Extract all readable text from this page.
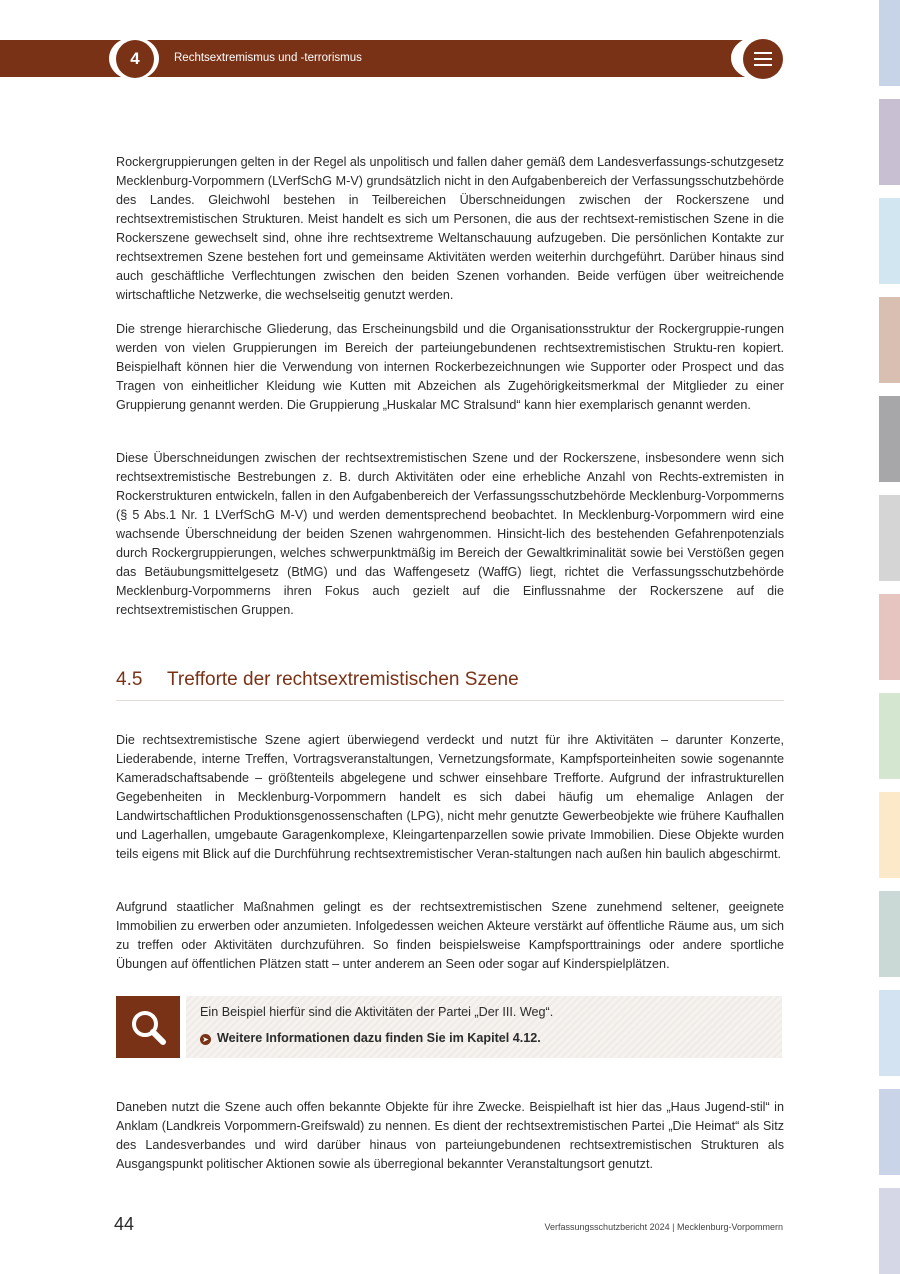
4	Rechtsextremismus und -terrorismus

Rockergruppierungen gelten in der Regel als unpolitisch und fallen daher gemäß dem Landesverfassungs-schutzgesetz Mecklenburg-Vorpommern (LVerfSchG M-V) grundsätzlich nicht in den Aufgabenbereich der Verfassungsschutzbehörde des Landes. Gleichwohl bestehen in Teilbereichen Überschneidungen zwischen der Rockerszene und rechtsextremistischen Strukturen. Meist handelt es sich um Personen, die aus der rechtsext-remistischen Szene in die Rockerszene gewechselt sind, ohne ihre rechtsextreme Weltanschauung aufzugeben. Die persönlichen Kontakte zur rechtsextremen Szene bestehen fort und gemeinsame Aktivitäten werden weiterhin durchgeführt. Darüber hinaus sind auch geschäftliche Verflechtungen zwischen den beiden Szenen vorhanden. Beide verfügen über weitreichende wirtschaftliche Netzwerke, die wechselseitig genutzt werden.

Die strenge hierarchische Gliederung, das Erscheinungsbild und die Organisationsstruktur der Rockergruppie-rungen werden von vielen Gruppierungen im Bereich der parteiungebundenen rechtsextremistischen Struktu-ren kopiert. Beispielhaft können hier die Verwendung von internen Rockerbezeichnungen wie Supporter oder Prospect und das Tragen von einheitlicher Kleidung wie Kutten mit Abzeichen als Zugehörigkeitsmerkmal der Mitglieder zu einer Gruppierung genannt werden. Die Gruppierung „Huskalar MC Stralsund“ kann hier exemplarisch genannt werden.

Diese Überschneidungen zwischen der rechtsextremistischen Szene und der Rockerszene, insbesondere wenn sich rechtsextremistische Bestrebungen z. B. durch Aktivitäten oder eine erhebliche Anzahl von Rechts-extremisten in Rockerstrukturen entwickeln, fallen in den Aufgabenbereich der Verfassungsschutzbehörde Mecklenburg-Vorpommerns (§ 5 Abs.1 Nr. 1 LVerfSchG M-V) und werden dementsprechend beobachtet. In Mecklenburg-Vorpommern wird eine wachsende Überschneidung der beiden Szenen wahrgenommen. Hinsicht-lich des bestehenden Gefahrenpotenzials durch Rockergruppierungen, welches schwerpunktmäßig im Bereich der Gewaltkriminalität sowie bei Verstößen gegen das Betäubungsmittelgesetz (BtMG) und das Waffengesetz (WaffG) liegt, richtet die Verfassungsschutzbehörde Mecklenburg-Vorpommerns ihren Fokus auch gezielt auf die Einflussnahme der Rockerszene auf die rechtsextremistischen Gruppen.

4.5 Trefforte der rechtsextremistischen Szene

Die rechtsextremistische Szene agiert überwiegend verdeckt und nutzt für ihre Aktivitäten – darunter Konzerte, Liederabende, interne Treffen, Vortragsveranstaltungen, Vernetzungsformate, Kampfsporteinheiten sowie sogenannte Kameradschaftsabende – größtenteils abgelegene und schwer einsehbare Trefforte. Aufgrund der infrastrukturellen Gegebenheiten in Mecklenburg-Vorpommern handelt es sich dabei häufig um ehemalige Anlagen der Landwirtschaftlichen Produktionsgenossenschaften (LPG), nicht mehr genutzte Gewerbeobjekte wie frühere Kaufhallen und Lagerhallen, umgebaute Garagenkomplexe, Kleingartenparzellen sowie private Immobilien. Diese Objekte wurden teils eigens mit Blick auf die Durchführung rechtsextremistischer Veran-staltungen nach außen hin baulich abgeschirmt.

Aufgrund staatlicher Maßnahmen gelingt es der rechtsextremistischen Szene zunehmend seltener, geeignete Immobilien zu erwerben oder anzumieten. Infolgedessen weichen Akteure verstärkt auf öffentliche Räume aus, um sich zu treffen oder Aktivitäten durchzuführen. So finden beispielsweise Kampfsporttrainings oder andere sportliche Übungen auf öffentlichen Plätzen statt – unter anderem an Seen oder sogar auf Kinderspielplätzen.

Ein Beispiel hierfür sind die Aktivitäten der Partei „Der III. Weg“.
➤ Weitere Informationen dazu finden Sie im Kapitel 4.12.

Daneben nutzt die Szene auch offen bekannte Objekte für ihre Zwecke. Beispielhaft ist hier das „Haus Jugend-stil“ in Anklam (Landkreis Vorpommern-Greifswald) zu nennen. Es dient der rechtsextremistischen Partei „Die Heimat“ als Sitz des Landesverbandes und wird darüber hinaus von parteiungebundenen rechtsextremistischen Strukturen als Ausgangspunkt politischer Aktionen sowie als überregional bekannter Veranstaltungsort genutzt.

44	Verfassungsschutzbericht 2024 | Mecklenburg-Vorpommern
